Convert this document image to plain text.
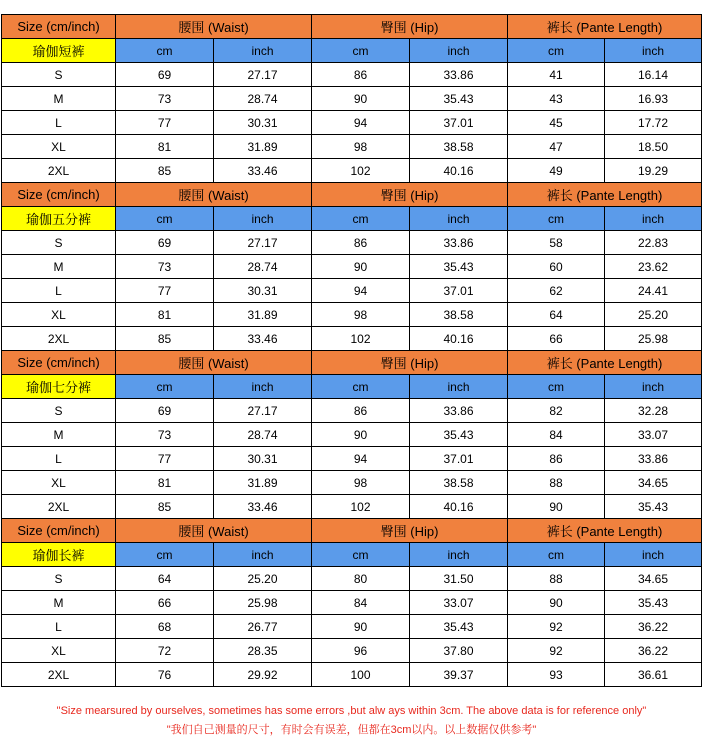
Size (cm/inch)	腰围 (Waist)		臀围 (Hip)		裤长 (Pante Length)	
瑜伽短裤	cm	inch	cm	inch	cm	inch
S	69	27.17	86	33.86	41	16.14
M	73	28.74	90	35.43	43	16.93
L	77	30.31	94	37.01	45	17.72
XL	81	31.89	98	38.58	47	18.50
2XL	85	33.46	102	40.16	49	19.29
Size (cm/inch)	腰围 (Waist)		臀围 (Hip)		裤长 (Pante Length)	
瑜伽五分裤	cm	inch	cm	inch	cm	inch
S	69	27.17	86	33.86	58	22.83
M	73	28.74	90	35.43	60	23.62
L	77	30.31	94	37.01	62	24.41
XL	81	31.89	98	38.58	64	25.20
2XL	85	33.46	102	40.16	66	25.98
Size (cm/inch)	腰围 (Waist)		臀围 (Hip)		裤长 (Pante Length)	
瑜伽七分裤	cm	inch	cm	inch	cm	inch
S	69	27.17	86	33.86	82	32.28
M	73	28.74	90	35.43	84	33.07
L	77	30.31	94	37.01	86	33.86
XL	81	31.89	98	38.58	88	34.65
2XL	85	33.46	102	40.16	90	35.43
Size (cm/inch)	腰围 (Waist)		臀围 (Hip)		裤长 (Pante Length)	
瑜伽长裤	cm	inch	cm	inch	cm	inch
S	64	25.20	80	31.50	88	34.65
M	66	25.98	84	33.07	90	35.43
L	68	26.77	90	35.43	92	36.22
XL	72	28.35	96	37.80	92	36.22
2XL	76	29.92	100	39.37	93	36.61
"Size mearsured by ourselves, sometimes has some errors ,but alw ays within 3cm. The above data is for reference only"
"我们自己测量的尺寸，有时会有误差，但都在3cm以内。以上数据仅供参考"
